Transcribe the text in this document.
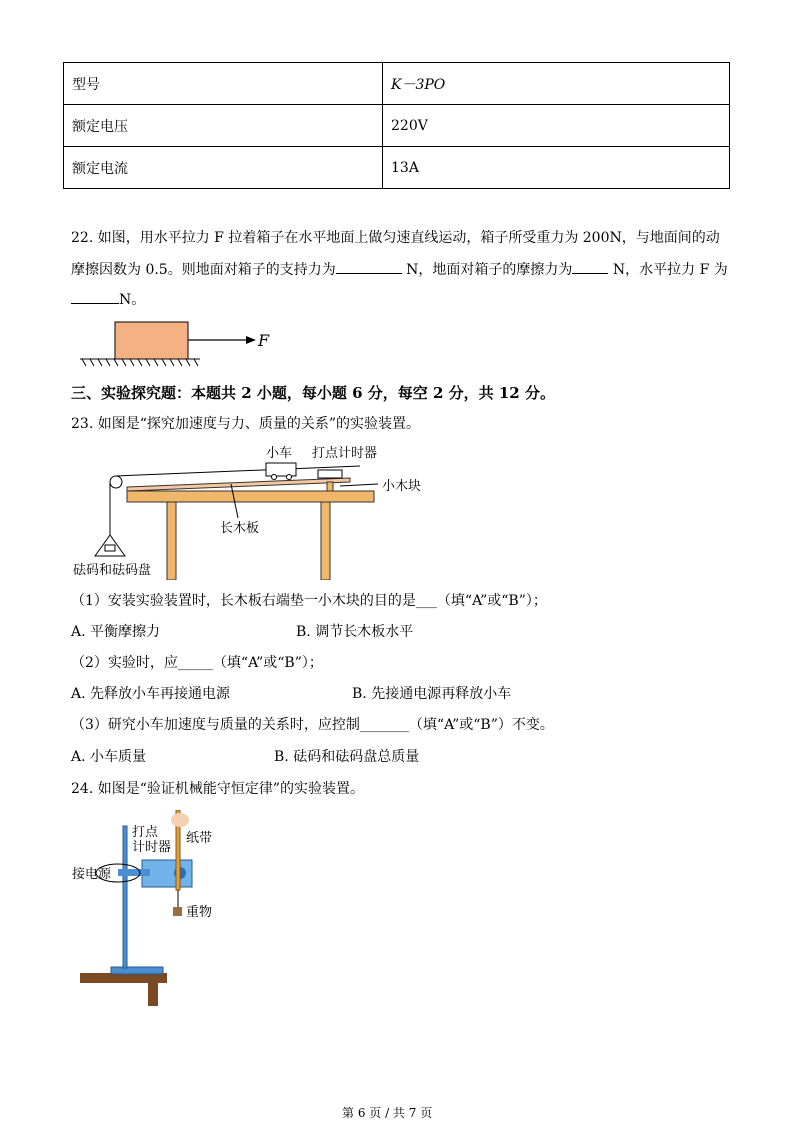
型号	K－3PO
额定电压	220V
额定电流	13A
22. 如图，用水平拉力 F 拉着箱子在水平地面上做匀速直线运动，箱子所受重力为 200N，与地面间的动
摩擦因数为 0.5。则地面对箱子的支持力为	N，地面对箱子的摩擦力为	N，水平拉力 F 为
N。
F
三、实验探究题：本题共 2 小题，每小题 6 分，每空 2 分，共 12 分。
23. 如图是“探究加速度与力、质量的关系”的实验装置。
小车 打点计时器
小木块
长木板
砝码和砝码盘
（1）安装实验装置时，长木板右端垫一小木块的目的是___（填“A”或“B”）；
A. 平衡摩擦力	B. 调节长木板水平
（2）实验时，应_____（填“A”或“B”）；
A. 先释放小车再接通电源	B. 先接通电源再释放小车
（3）研究小车加速度与质量的关系时，应控制_______（填“A”或“B”）不变。
A. 小车质量	B. 砝码和砝码盘总质量
24. 如图是“验证机械能守恒定律”的实验装置。
打点
计时器
纸带
接电源
重物
第 6 页 / 共 7 页
